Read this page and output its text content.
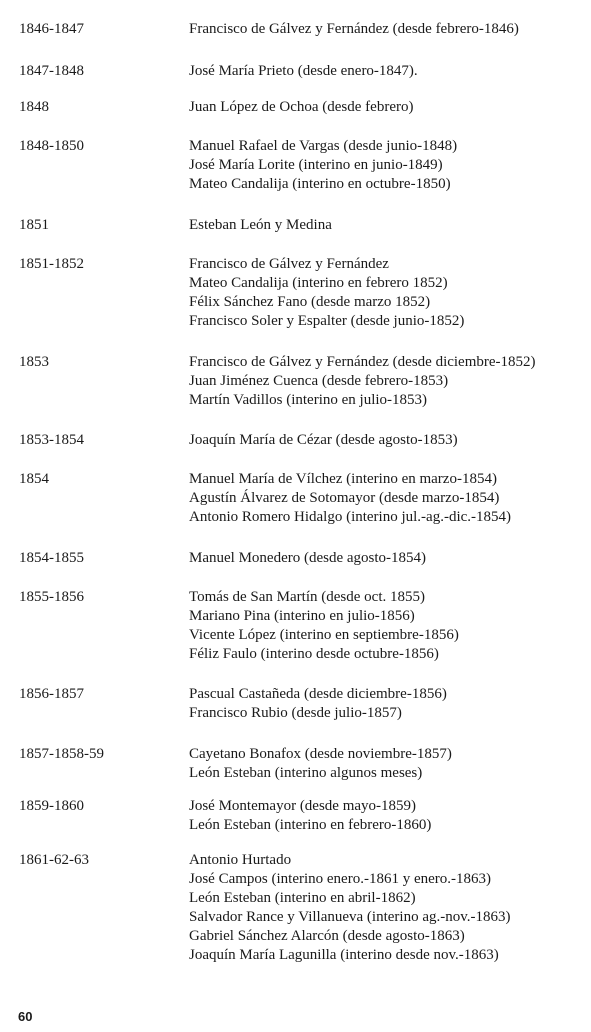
1846-1847	Francisco de Gálvez y Fernández (desde febrero-1846)
1847-1848	José María Prieto (desde enero-1847).
1848	Juan López de Ochoa (desde febrero)
1848-1850	Manuel Rafael de Vargas (desde junio-1848)
José María Lorite (interino en junio-1849)
Mateo Candalija (interino en octubre-1850)
1851	Esteban León y Medina
1851-1852	Francisco de Gálvez y Fernández
Mateo Candalija (interino en febrero 1852)
Félix Sánchez Fano (desde marzo 1852)
Francisco Soler y Espalter (desde junio-1852)
1853	Francisco de Gálvez y Fernández (desde diciembre-1852)
Juan Jiménez Cuenca (desde febrero-1853)
Martín Vadillos (interino en julio-1853)
1853-1854	Joaquín María de Cézar (desde agosto-1853)
1854	Manuel María de Vílchez (interino en marzo-1854)
Agustín Álvarez de Sotomayor (desde marzo-1854)
Antonio Romero Hidalgo (interino jul.-ag.-dic.-1854)
1854-1855	Manuel Monedero (desde agosto-1854)
1855-1856	Tomás de San Martín (desde oct. 1855)
Mariano Pina (interino en julio-1856)
Vicente López (interino en septiembre-1856)
Féliz Faulo (interino desde octubre-1856)
1856-1857	Pascual Castañeda (desde diciembre-1856)
Francisco Rubio (desde julio-1857)
1857-1858-59	Cayetano Bonafox (desde noviembre-1857)
León Esteban (interino algunos meses)
1859-1860	José Montemayor (desde mayo-1859)
León Esteban (interino en febrero-1860)
1861-62-63	Antonio Hurtado
José Campos (interino enero.-1861 y enero.-1863)
León Esteban (interino en abril-1862)
Salvador Rance y Villanueva (interino ag.-nov.-1863)
Gabriel Sánchez Alarcón (desde agosto-1863)
Joaquín María Lagunilla (interino desde nov.-1863)
60
